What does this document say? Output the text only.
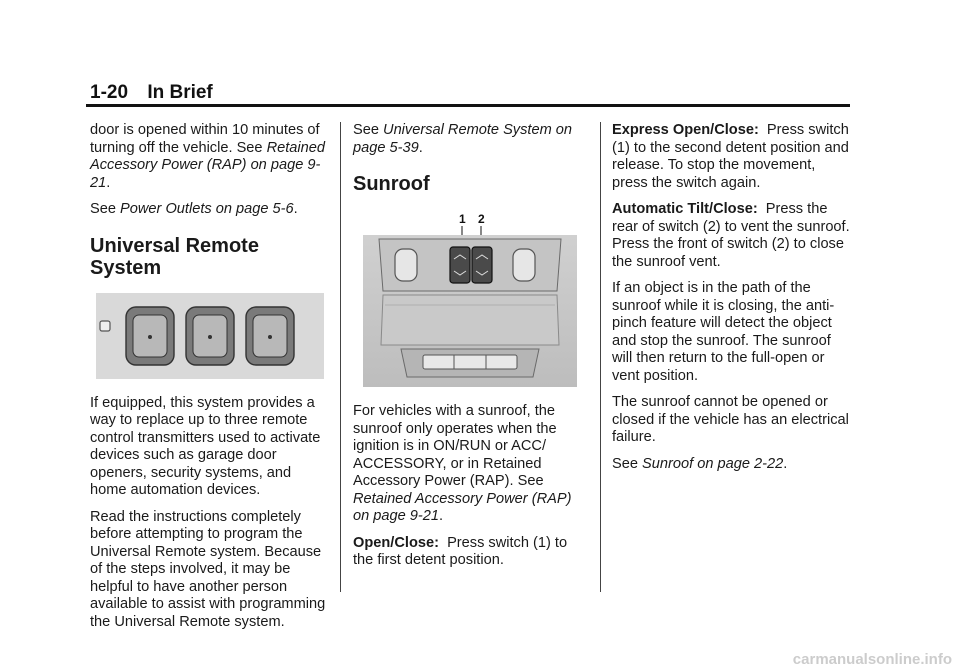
1-20 In Brief

door is opened within 10 minutes of turning off the vehicle. See Retained Accessory Power (RAP) on page 9-21.

See Power Outlets on page 5-6.

Universal Remote System

If equipped, this system provides a way to replace up to three remote control transmitters used to activate devices such as garage door openers, security systems, and home automation devices.

Read the instructions completely before attempting to program the Universal Remote system. Because of the steps involved, it may be helpful to have another person available to assist with programming the Universal Remote system.

See Universal Remote System on page 5-39.

Sunroof
1 2

For vehicles with a sunroof, the sunroof only operates when the ignition is in ON/RUN or ACC/ ACCESSORY, or in Retained Accessory Power (RAP). See Retained Accessory Power (RAP) on page 9-21.

Open/Close: Press switch (1) to the first detent position.

Express Open/Close: Press switch (1) to the second detent position and release. To stop the movement, press the switch again.

Automatic Tilt/Close: Press the rear of switch (2) to vent the sunroof. Press the front of switch (2) to close the sunroof vent.

If an object is in the path of the sunroof while it is closing, the anti-pinch feature will detect the object and stop the sunroof. The sunroof will then return to the full-open or vent position.

The sunroof cannot be opened or closed if the vehicle has an electrical failure.

See Sunroof on page 2-22.

carmanualsonline.info
